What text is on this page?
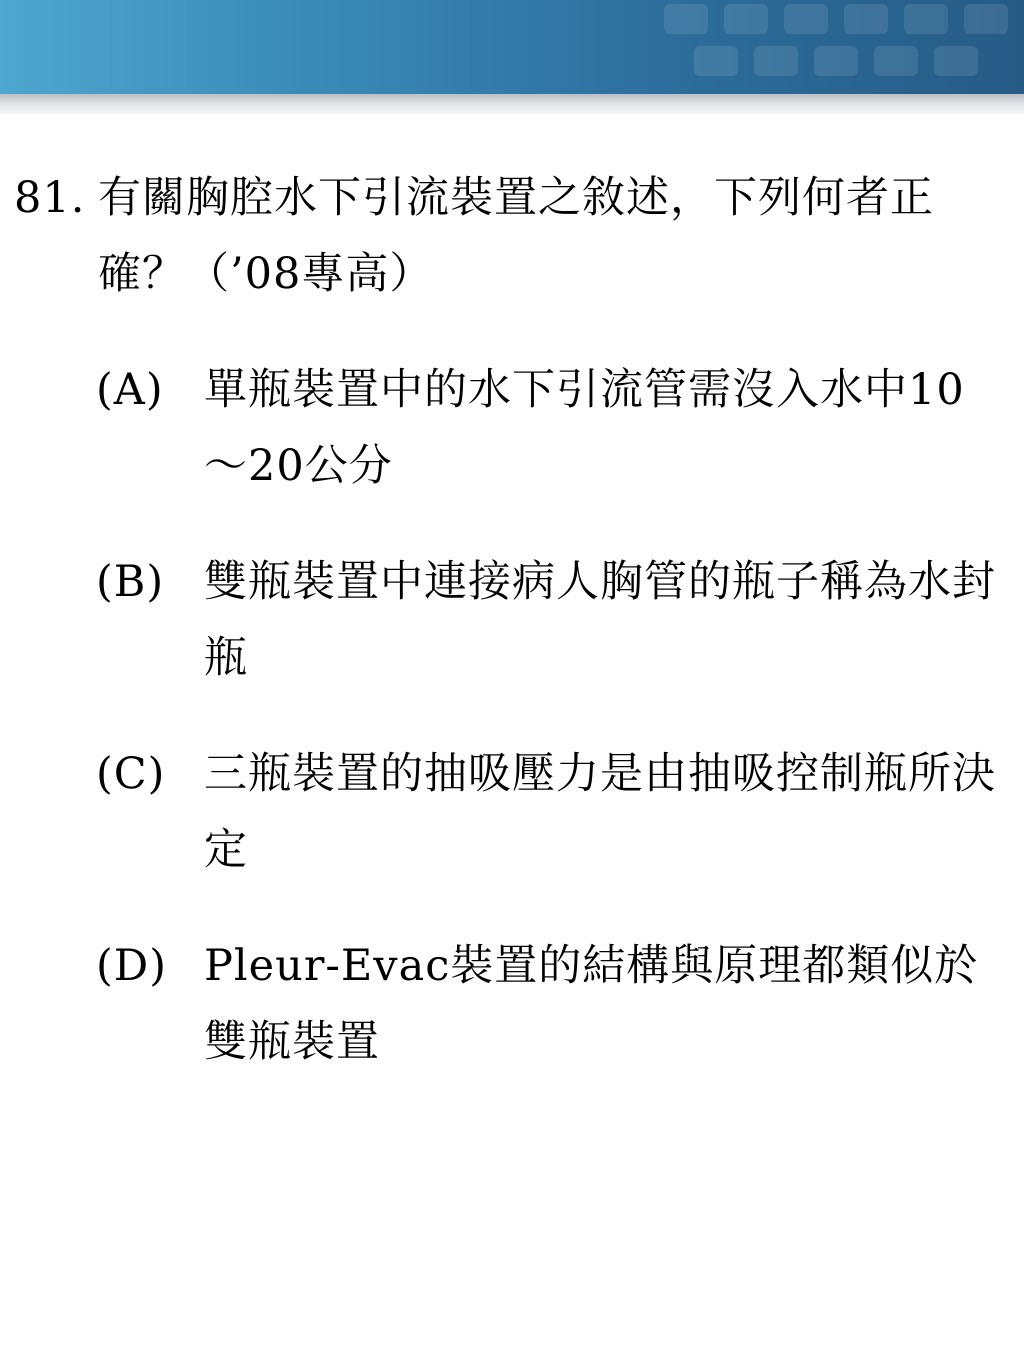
81. 有關胸腔水下引流裝置之敘述，下列何者正確？（’08專高）
(A) 單瓶裝置中的水下引流管需沒入水中10～20公分
(B) 雙瓶裝置中連接病人胸管的瓶子稱為水封瓶
(C) 三瓶裝置的抽吸壓力是由抽吸控制瓶所決定
(D) Pleur-Evac裝置的結構與原理都類似於雙瓶裝置
